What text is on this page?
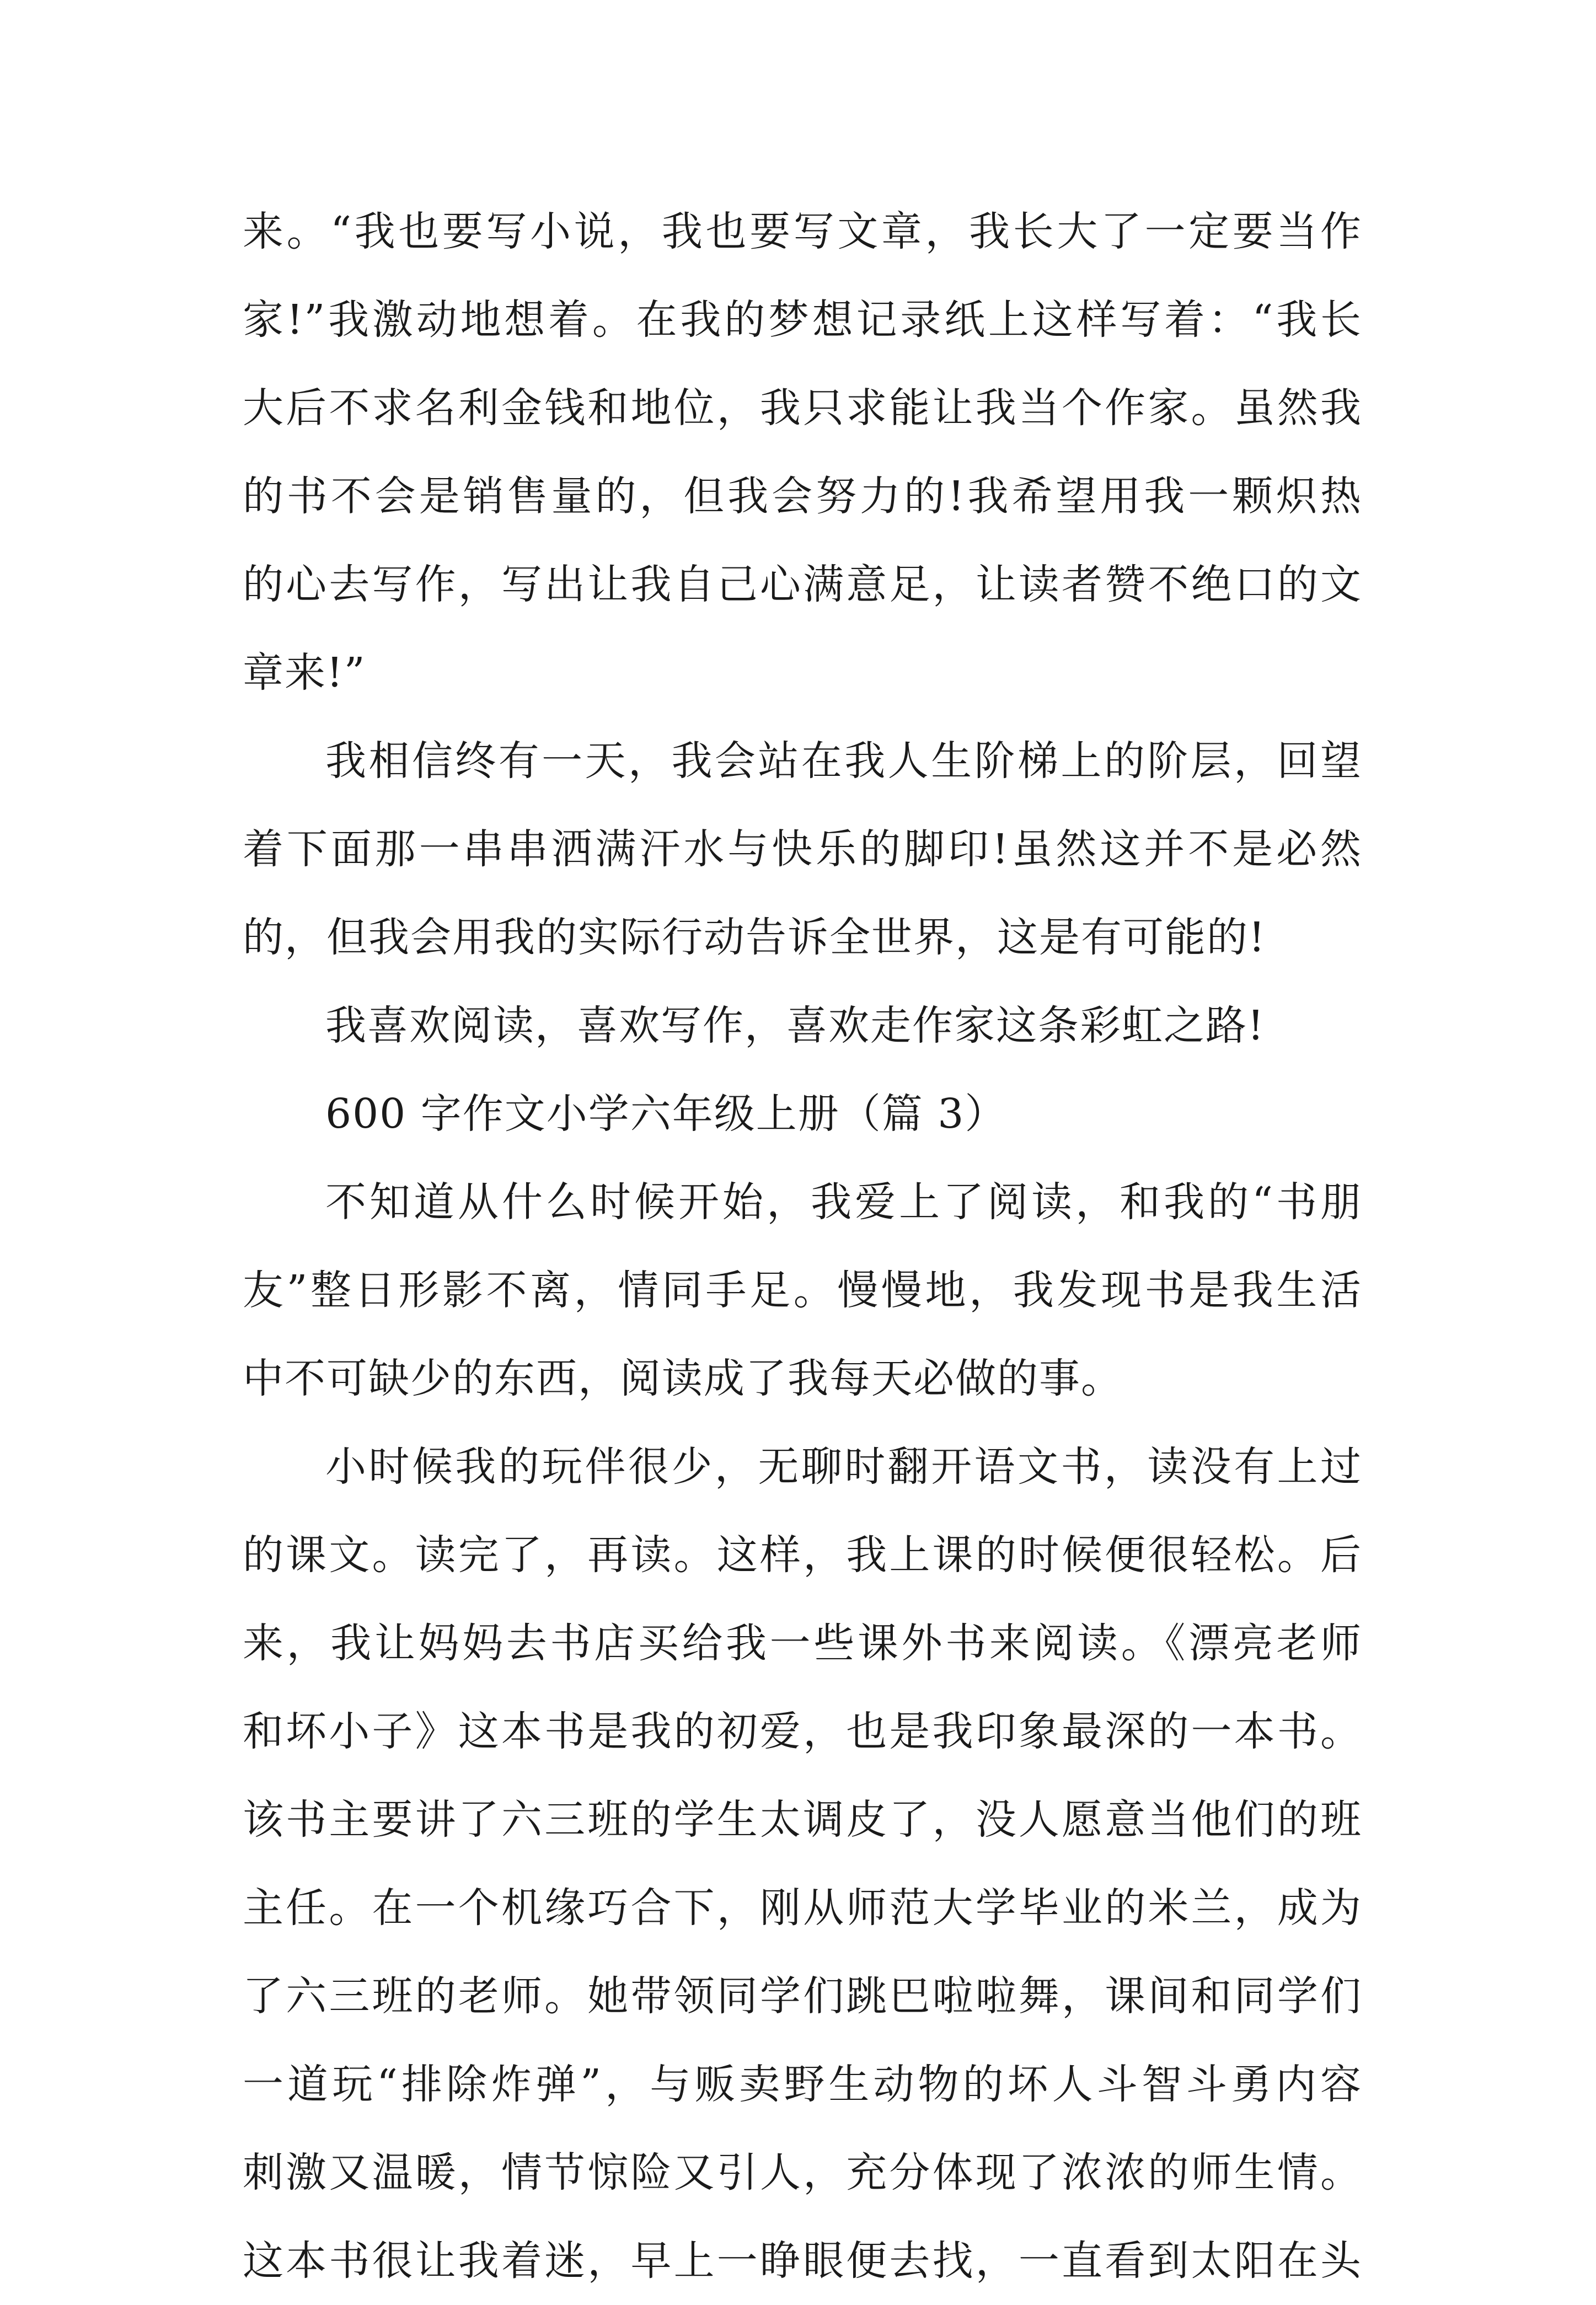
来。“我也要写小说，我也要写文章，我长大了一定要当作
家!”我激动地想着。在我的梦想记录纸上这样写着：“我长
大后不求名利金钱和地位，我只求能让我当个作家。虽然我
的书不会是销售量的，但我会努力的!我希望用我一颗炽热
的心去写作，写出让我自己心满意足，让读者赞不绝口的文
章来!”
我相信终有一天，我会站在我人生阶梯上的阶层，回望
着下面那一串串洒满汗水与快乐的脚印!虽然这并不是必然
的，但我会用我的实际行动告诉全世界，这是有可能的!
我喜欢阅读，喜欢写作，喜欢走作家这条彩虹之路!
600 字作文小学六年级上册（篇 3）
不知道从什么时候开始，我爱上了阅读，和我的“书朋
友”整日形影不离，情同手足。慢慢地，我发现书是我生活
中不可缺少的东西，阅读成了我每天必做的事。
小时候我的玩伴很少，无聊时翻开语文书，读没有上过
的课文。读完了，再读。这样，我上课的时候便很轻松。后
来，我让妈妈去书店买给我一些课外书来阅读。《漂亮老师
和坏小子》这本书是我的初爱，也是我印象最深的一本书。
该书主要讲了六三班的学生太调皮了，没人愿意当他们的班
主任。在一个机缘巧合下，刚从师范大学毕业的米兰，成为
了六三班的老师。她带领同学们跳巴啦啦舞，课间和同学们
一道玩“排除炸弹”，与贩卖野生动物的坏人斗智斗勇内容
刺激又温暖，情节惊险又引人，充分体现了浓浓的师生情。
这本书很让我着迷，早上一睁眼便去找，一直看到太阳在头
